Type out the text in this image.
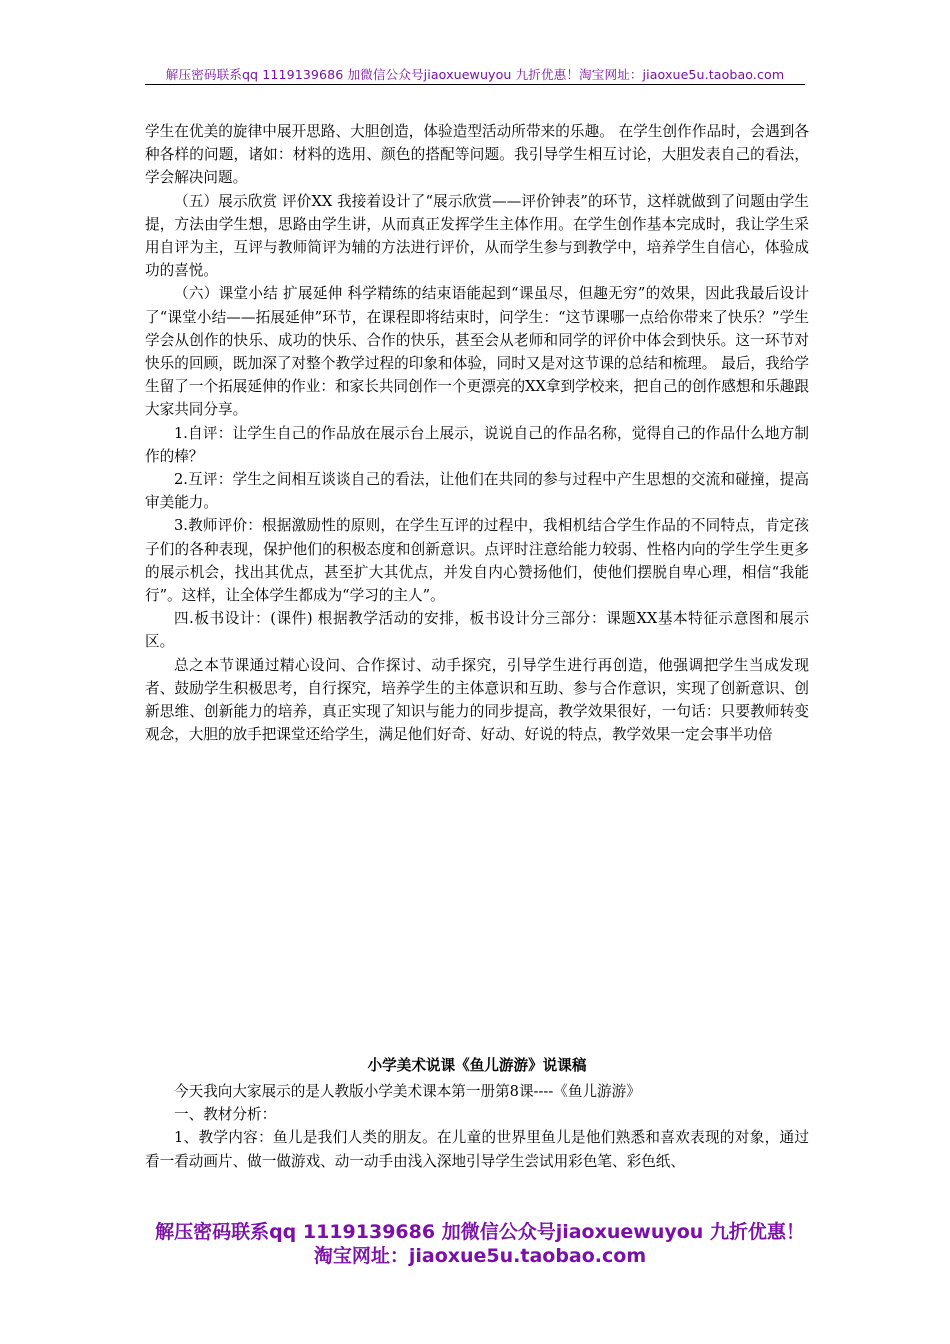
解压密码联系qq 1119139686 加微信公众号jiaoxuewuyou 九折优惠！淘宝网址：jiaoxue5u.taobao.com

学生在优美的旋律中展开思路、大胆创造，体验造型活动所带来的乐趣。 在学生创作作品时，会遇到各种各样的问题，诸如：材料的选用、颜色的搭配等问题。我引导学生相互讨论，大胆发表自己的看法，学会解决问题。

（五）展示欣赏 评价XX 我接着设计了“展示欣赏——评价钟表”的环节，这样就做到了问题由学生提，方法由学生想，思路由学生讲，从而真正发挥学生主体作用。在学生创作基本完成时，我让学生采用自评为主，互评与教师简评为辅的方法进行评价，从而学生参与到教学中，培养学生自信心，体验成功的喜悦。

（六）课堂小结 扩展延伸 科学精练的结束语能起到“课虽尽，但趣无穷”的效果，因此我最后设计了“课堂小结——拓展延伸”环节，在课程即将结束时，问学生：“这节课哪一点给你带来了快乐？”学生学会从创作的快乐、成功的快乐、合作的快乐，甚至会从老师和同学的评价中体会到快乐。这一环节对快乐的回顾，既加深了对整个教学过程的印象和体验，同时又是对这节课的总结和梳理。 最后，我给学生留了一个拓展延伸的作业：和家长共同创作一个更漂亮的XX拿到学校来，把自己的创作感想和乐趣跟大家共同分享。

1.自评：让学生自己的作品放在展示台上展示，说说自己的作品名称，觉得自己的作品什么地方制作的棒？

2.互评：学生之间相互谈谈自己的看法，让他们在共同的参与过程中产生思想的交流和碰撞，提高审美能力。

3.教师评价：根据激励性的原则，在学生互评的过程中，我相机结合学生作品的不同特点，肯定孩子们的各种表现，保护他们的积极态度和创新意识。点评时注意给能力较弱、性格内向的学生学生更多的展示机会，找出其优点，甚至扩大其优点，并发自内心赞扬他们，使他们摆脱自卑心理，相信“我能行”。这样，让全体学生都成为“学习的主人”。

四.板书设计：(课件) 根据教学活动的安排，板书设计分三部分：课题XX基本特征示意图和展示区。

总之本节课通过精心设问、合作探讨、动手探究，引导学生进行再创造，他强调把学生当成发现者、鼓励学生积极思考，自行探究，培养学生的主体意识和互助、参与合作意识，实现了创新意识、创新思维、创新能力的培养，真正实现了知识与能力的同步提高，教学效果很好，一句话：只要教师转变观念，大胆的放手把课堂还给学生，满足他们好奇、好动、好说的特点，教学效果一定会事半功倍

小学美术说课《鱼儿游游》说课稿

今天我向大家展示的是人教版小学美术课本第一册第8课----《鱼儿游游》

一、教材分析：

1、教学内容：鱼儿是我们人类的朋友。在儿童的世界里鱼儿是他们熟悉和喜欢表现的对象，通过看一看动画片、做一做游戏、动一动手由浅入深地引导学生尝试用彩色笔、彩色纸、

解压密码联系qq 1119139686 加微信公众号jiaoxuewuyou 九折优惠！
淘宝网址：jiaoxue5u.taobao.com
